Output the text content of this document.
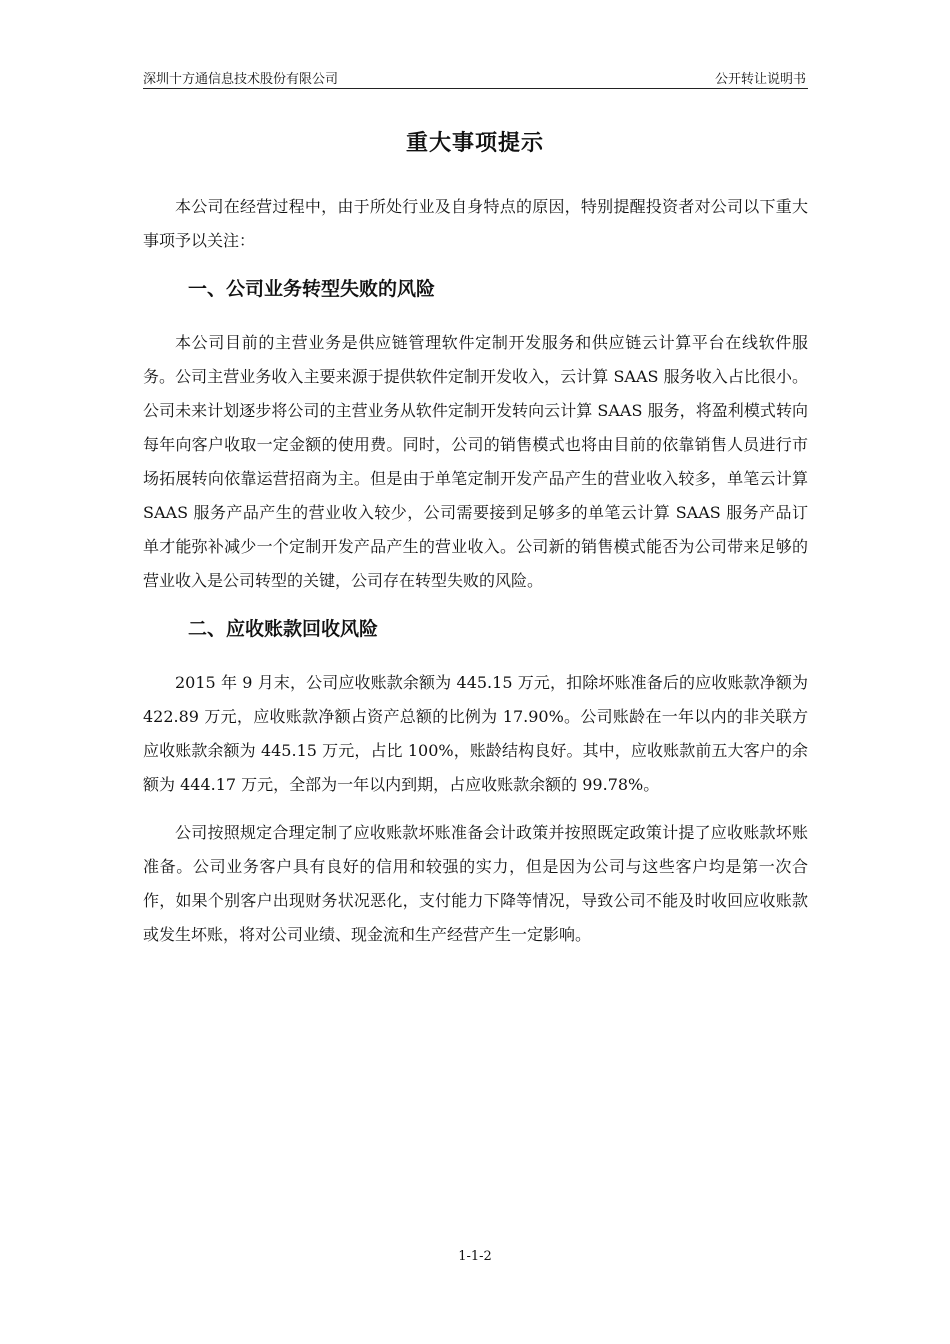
深圳十方通信息技术股份有限公司	公开转让说明书
重大事项提示

本公司在经营过程中，由于所处行业及自身特点的原因，特别提醒投资者对公司以下重大事项予以关注：

一、公司业务转型失败的风险

本公司目前的主营业务是供应链管理软件定制开发服务和供应链云计算平台在线软件服务。公司主营业务收入主要来源于提供软件定制开发收入，云计算 SAAS 服务收入占比很小。公司未来计划逐步将公司的主营业务从软件定制开发转向云计算 SAAS 服务，将盈利模式转向每年向客户收取一定金额的使用费。同时，公司的销售模式也将由目前的依靠销售人员进行市场拓展转向依靠运营招商为主。但是由于单笔定制开发产品产生的营业收入较多，单笔云计算 SAAS 服务产品产生的营业收入较少，公司需要接到足够多的单笔云计算 SAAS 服务产品订单才能弥补减少一个定制开发产品产生的营业收入。公司新的销售模式能否为公司带来足够的营业收入是公司转型的关键，公司存在转型失败的风险。

二、应收账款回收风险

2015 年 9 月末，公司应收账款余额为 445.15 万元，扣除坏账准备后的应收账款净额为 422.89 万元，应收账款净额占资产总额的比例为 17.90%。公司账龄在一年以内的非关联方应收账款余额为 445.15 万元，占比 100%，账龄结构良好。其中，应收账款前五大客户的余额为 444.17 万元，全部为一年以内到期，占应收账款余额的 99.78%。

公司按照规定合理定制了应收账款坏账准备会计政策并按照既定政策计提了应收账款坏账准备。公司业务客户具有良好的信用和较强的实力，但是因为公司与这些客户均是第一次合作，如果个别客户出现财务状况恶化，支付能力下降等情况，导致公司不能及时收回应收账款或发生坏账，将对公司业绩、现金流和生产经营产生一定影响。

1-1-2
